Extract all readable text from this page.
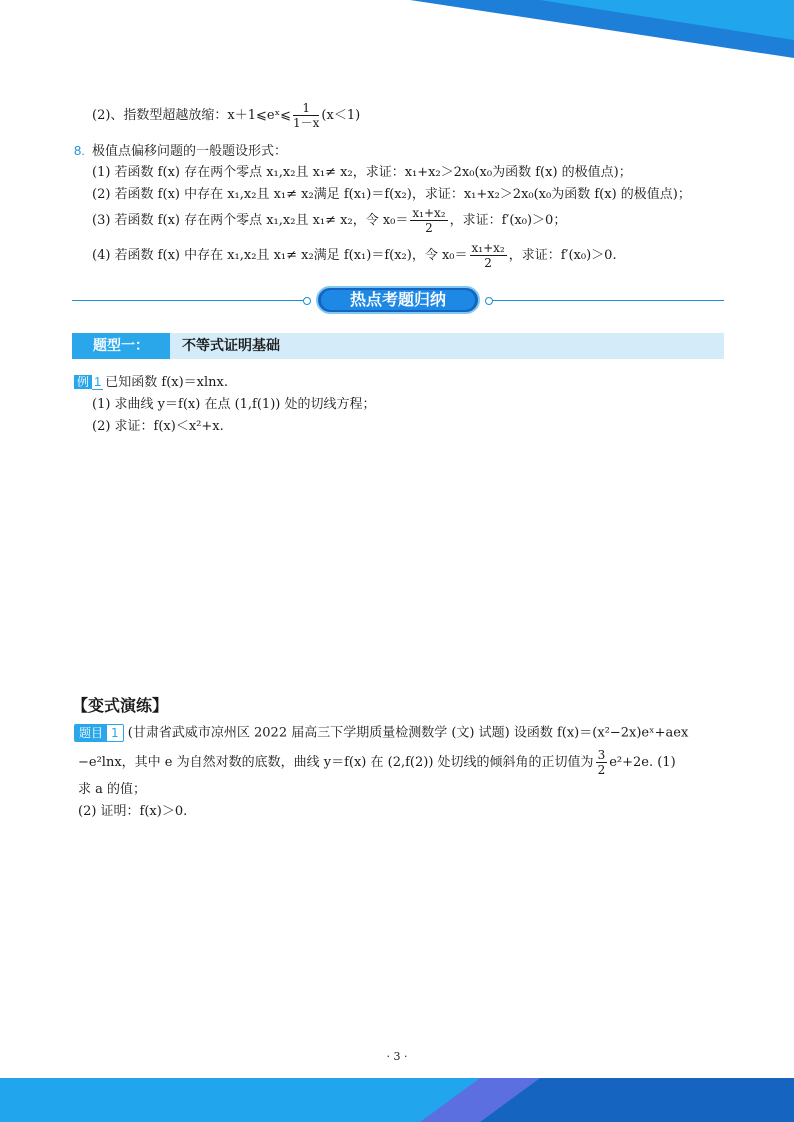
(2)、指数型超越放缩：x＋1⩽eˣ⩽ $\frac{1}{1-x} (x<1)$
8. 极值点偏移问题的一般题设形式：
(1) 若函数 f(x) 存在两个零点 x₁,x₂且 x₁≠ x₂，求证：x₁+x₂＞2x₀(x₀为函数 f(x) 的极值点)；
(2) 若函数 f(x) 中存在 x₁,x₂且 x₁≠ x₂满足 f(x₁)＝f(x₂)，求证：x₁+x₂＞2x₀(x₀为函数 f(x) 的极值点)；
(3) 若函数 f(x) 存在两个零点 x₁,x₂且 x₁≠ x₂，令 $x_0= \frac{\text{x₁+x₂}}{2}$ ，求证：f′(x₀)＞0；
(4) 若函数 f(x) 中存在 x₁,x₂且 x₁≠ x₂满足 f(x₁)＝f(x₂)，令 $x_0= \frac{\text{x₁+x₂}}{2}$ ，求证：f′(x₀)＞0.
热点考题归纳
题型一：	不等式证明基础
例 1 已知函数 f(x)＝xlnx.
(1) 求曲线 y＝f(x) 在点 (1,f(1)) 处的切线方程；
(2) 求证：f(x)＜x²+x.
【变式演练】
题目 1 (甘肃省武威市凉州区 2022 届高三下学期质量检测数学 (文) 试题) 设函数 f(x)＝(x²−2x)eˣ+aex
−e²lnx，其中 e 为自然对数的底数，曲线 y＝f(x) 在 (2,f(2)) 处切线的倾斜角的正切值为 $\frac{3}{2} e^2+2e$. (1)
求 a 的值；
(2) 证明：f(x)＞0.
· 3 ·
